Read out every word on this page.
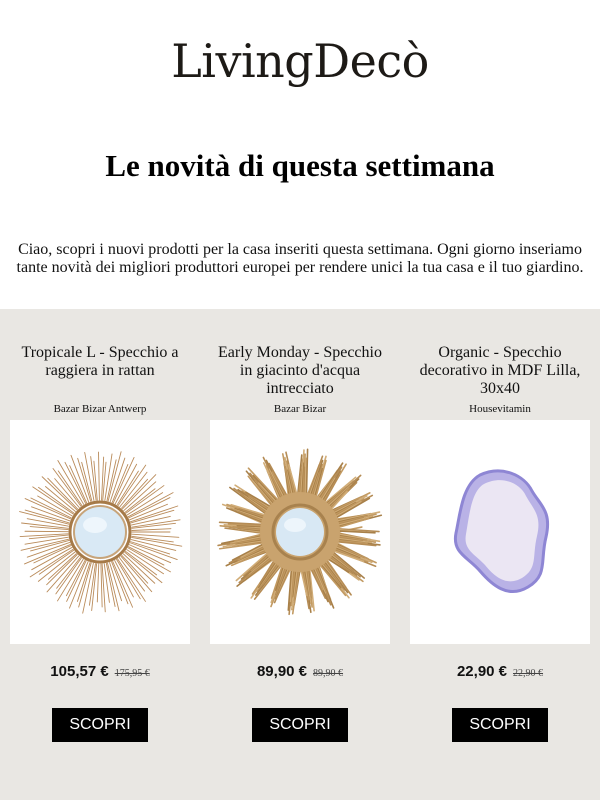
LivingDecò
Le novità di questa settimana

Ciao, scopri i nuovi prodotti per la casa inseriti questa settimana. Ogni giorno inseriamo tante novità dei migliori produttori europei per rendere unici la tua casa e il tuo giardino.

Tropicale L - Specchio a raggiera in rattan
Bazar Bizar Antwerp
105,57 € 175,95 €
SCOPRI
Early Monday - Specchio in giacinto d'acqua intrecciato
Bazar Bizar
89,90 € 89,90 €
SCOPRI
Organic - Specchio decorativo in MDF Lilla, 30x40
Housevitamin
22,90 € 22,90 €
SCOPRI
